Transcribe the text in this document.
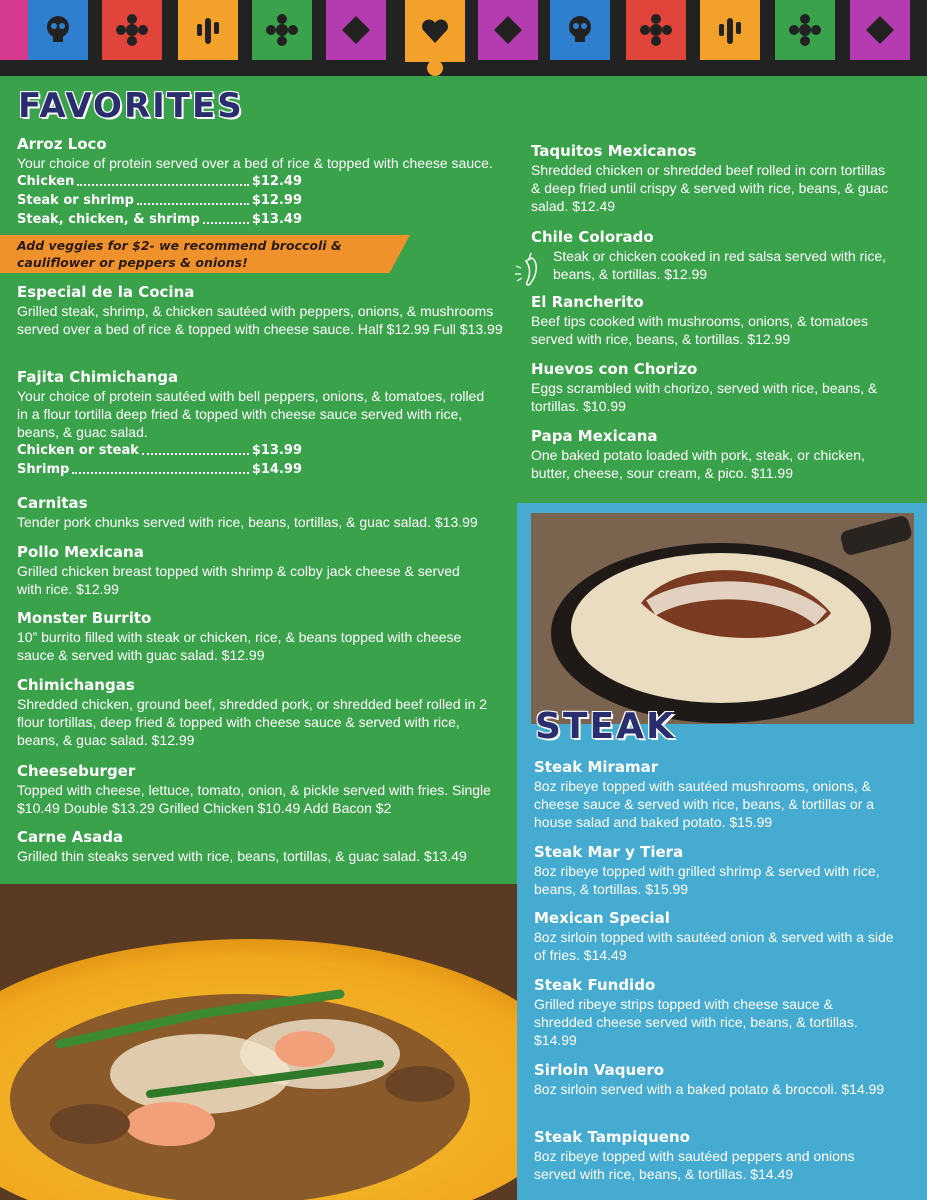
FAVORITES
Arroz Loco
Your choice of protein served over a bed of rice & topped with cheese sauce.
Chicken	$12.49
Steak or shrimp	$12.99
Steak, chicken, & shrimp	$13.49
Add veggies for $2- we recommend broccoli & cauliflower or peppers & onions!
Especial de la Cocina
Grilled steak, shrimp, & chicken sautéed with peppers, onions, & mushrooms served over a bed of rice & topped with cheese sauce. Half $12.99 Full $13.99
Fajita Chimichanga
Your choice of protein sautéed with bell peppers, onions, & tomatoes, rolled in a flour tortilla deep fried & topped with cheese sauce served with rice, beans, & guac salad.
Chicken or steak	$13.99
Shrimp	$14.99
Carnitas
Tender pork chunks served with rice, beans, tortillas, & guac salad. $13.99
Pollo Mexicana
Grilled chicken breast topped with shrimp & colby jack cheese & served with rice. $12.99
Monster Burrito
10” burrito filled with steak or chicken, rice, & beans topped with cheese sauce & served with guac salad. $12.99
Chimichangas
Shredded chicken, ground beef, shredded pork, or shredded beef rolled in 2 flour tortillas, deep fried & topped with cheese sauce & served with rice, beans, & guac salad. $12.99
Cheeseburger
Topped with cheese, lettuce, tomato, onion, & pickle served with fries. Single $10.49 Double $13.29 Grilled Chicken $10.49 Add Bacon $2
Carne Asada
Grilled thin steaks served with rice, beans, tortillas, & guac salad. $13.49
Taquitos Mexicanos
Shredded chicken or shredded beef rolled in corn tortillas & deep fried until crispy & served with rice, beans, & guac salad. $12.49
Chile Colorado
Steak or chicken cooked in red salsa served with rice, beans, & tortillas. $12.99
El Rancherito
Beef tips cooked with mushrooms, onions, & tomatoes served with rice, beans, & tortillas. $12.99
Huevos con Chorizo
Eggs scrambled with chorizo, served with rice, beans, & tortillas. $10.99
Papa Mexicana
One baked potato loaded with pork, steak, or chicken, butter, cheese, sour cream, & pico. $11.99
STEAK
Steak Miramar
8oz ribeye topped with sautéed mushrooms, onions, & cheese sauce & served with rice, beans, & tortillas or a house salad and baked potato. $15.99
Steak Mar y Tiera
8oz ribeye topped with grilled shrimp & served with rice, beans, & tortillas. $15.99
Mexican Special
8oz sirloin topped with sautéed onion & served with a side of fries. $14.49
Steak Fundido
Grilled ribeye strips topped with cheese sauce & shredded cheese served with rice, beans, & tortillas. $14.99
Sirloin Vaquero
8oz sirloin served with a baked potato & broccoli. $14.99
Steak Tampiqueno
8oz ribeye topped with sautéed peppers and onions served with rice, beans, & tortillas. $14.49
